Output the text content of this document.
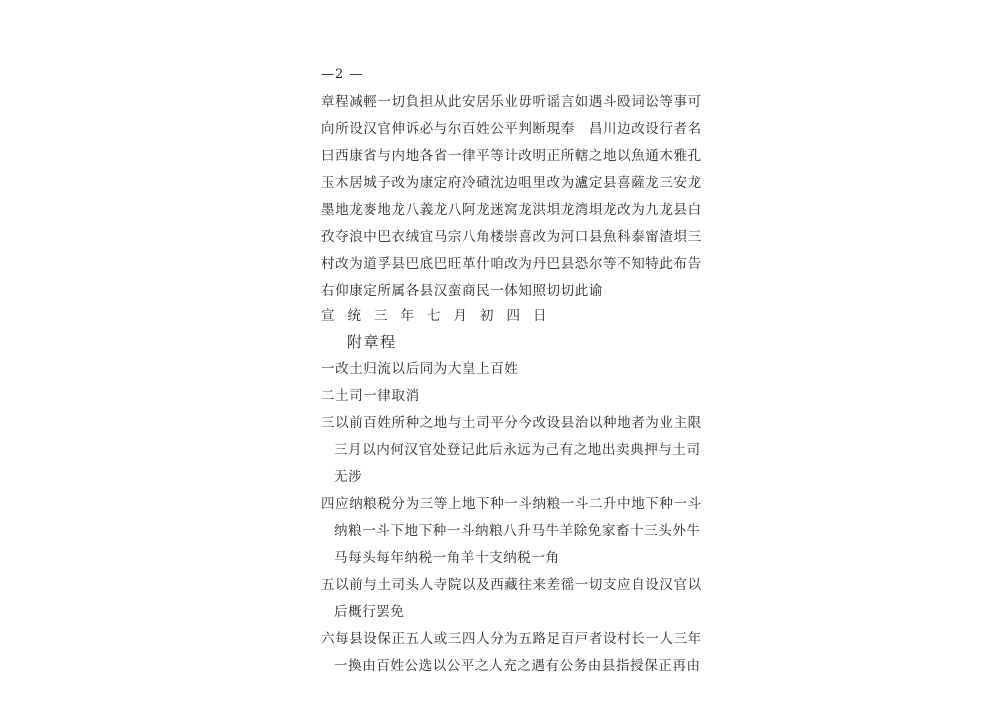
—2 —
章程减輕一切負担从此安居乐业毋听谣言如遇斗殴词讼等事可
向所设汉官伸诉必与尔百姓公平判断現奉　昌川边改设行者名
曰西康省与内地各省一律平等计改明正所轄之地以魚通木雅孔
玉木居城子改为康定府冷磧沈边咀里改为瀘定县喜薩龙三安龙
墨地龙麥地龙八義龙八阿龙迷窝龙洪垻龙湾垻龙改为九龙县白
孜夺浪中巴衣绒宜马宗八角楼崇喜改为河口县魚科泰甯渣垻三
村改为道孚县巴底巴旺革什咱改为丹巴县恐尔等不知特此布告
右仰康定所属各县汉蛮商民一体知照切切此谕
宣统三年七月初四日
附章程
一改土归流以后同为大皇上百姓
二土司一律取消
三以前百姓所种之地与土司平分今改设县治以种地者为业主限
三月以内何汉官处登记此后永远为己有之地出卖典押与土司
无涉
四应纳粮税分为三等上地下种一斗纳粮一斗二升中地下种一斗
纳粮一斗下地下种一斗纳粮八升马牛羊除免家畜十三头外牛
马每头每年纳税一角羊十支纳税一角
五以前与土司头人寺院以及西藏往来差徭一切支应自设汉官以
后概行罢免
六每县设保正五人或三四人分为五路足百戸者设村长一人三年
一換由百姓公选以公平之人充之遇有公务由县指授保正再由
